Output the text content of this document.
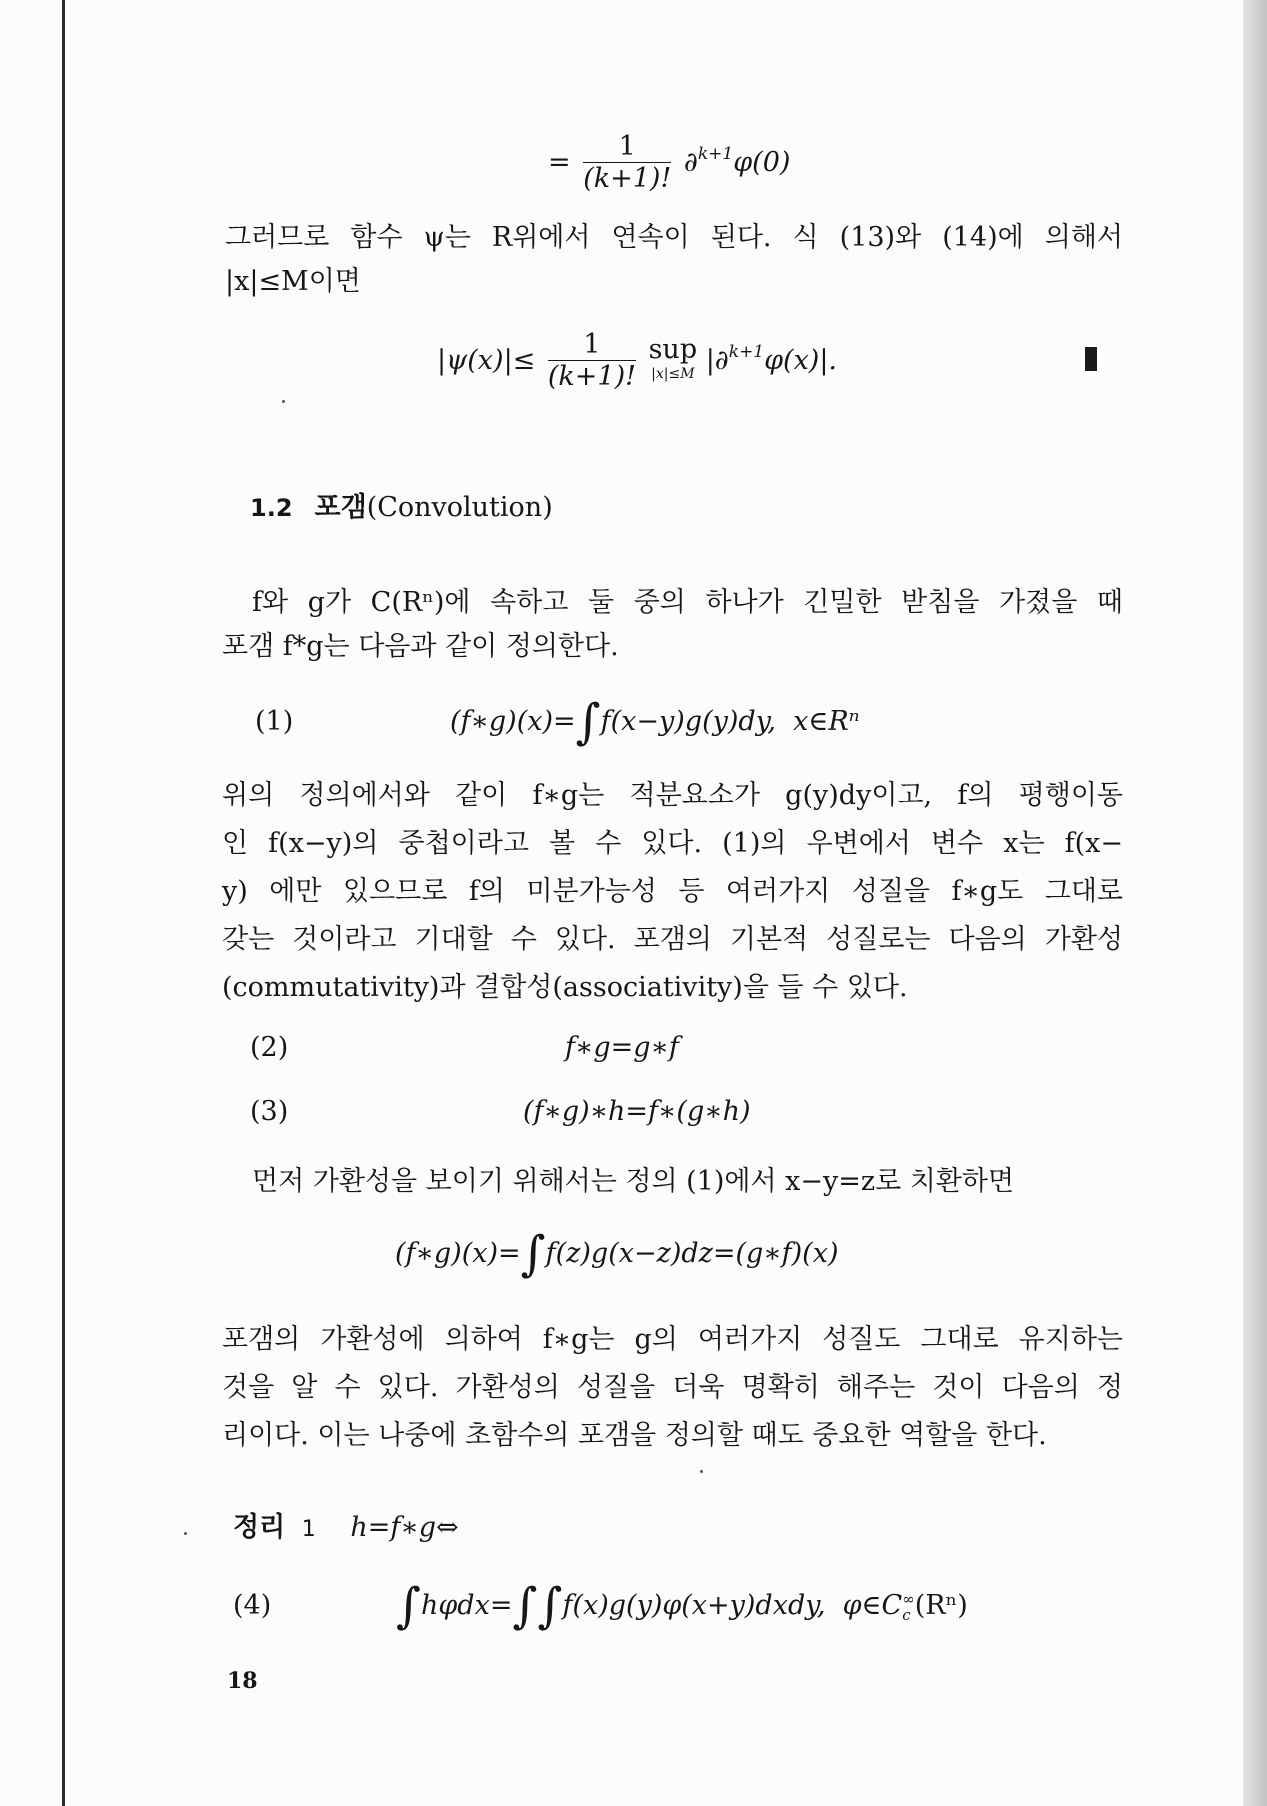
= $\frac{1}{(k+1)!} \partial^{k+1}\varphi(0)$
그러므로 함수 ψ는 R위에서 연속이 된다. 식 (13)와 (14)에 의해서
|x|≤M이면
$|\psi(x)|\le \frac{1}{(k+1)!}$
sup
|x|≤M |∂$^{k+1}$φ(x)|.
1.2 포갬(Convolution)
f와 g가 C(Rⁿ)에 속하고 둘 중의 하나가 긴밀한 받침을 가졌을 때
포갬 f*g는 다음과 같이 정의한다.
(1)	(f∗g)(x)=∫f(x−y)g(y)dy, x∈Rⁿ
위의 정의에서와 같이 f∗g는 적분요소가 g(y)dy이고, f의 평행이동
인 f(x−y)의 중첩이라고 볼 수 있다. (1)의 우변에서 변수 x는 f(x−
y) 에만 있으므로 f의 미분가능성 등 여러가지 성질을 f∗g도 그대로
갖는 것이라고 기대할 수 있다. 포갬의 기본적 성질로는 다음의 가환성
(commutativity)과 결합성(associativity)을 들 수 있다.
(2)	f∗g=g∗f
(3)	(f∗g)∗h=f∗(g∗h)
먼저 가환성을 보이기 위해서는 정의 (1)에서 x−y=z로 치환하면
(f∗g)(x)=∫f(z)g(x−z)dz=(g∗f)(x)
포갬의 가환성에 의하여 f∗g는 g의 여러가지 성질도 그대로 유지하는
것을 알 수 있다. 가환성의 성질을 더욱 명확히 해주는 것이 다음의 정
리이다. 이는 나중에 초함수의 포갬을 정의할 때도 중요한 역할을 한다.
정리 1 h=f∗g⇔
(4)	∫hφdx=∫∫f(x)g(y)φ(x+y)dxdy, φ∈C ∞
c (Rⁿ)
18
